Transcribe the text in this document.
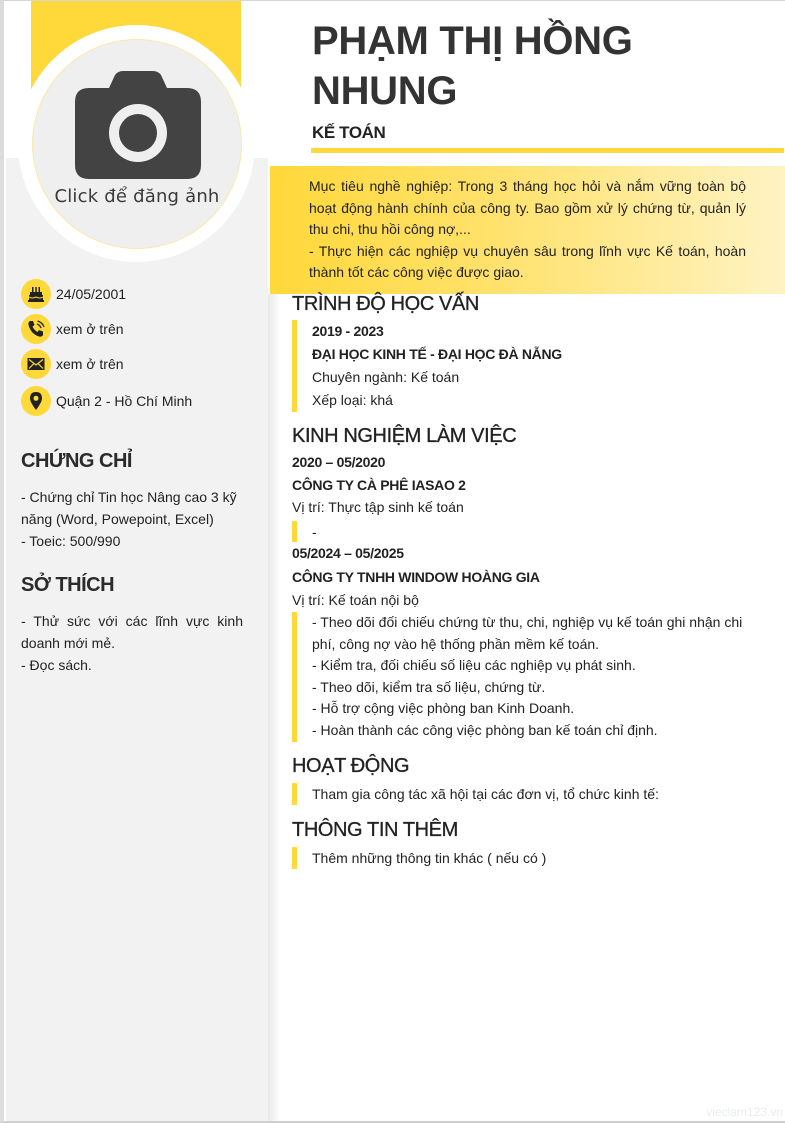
Click để đăng ảnh
24/05/2001
xem ở trên
xem ở trên
Quận 2 - Hồ Chí Minh
CHỨNG CHỈ
- Chứng chỉ Tin học Nâng cao 3 kỹ năng (Word, Powepoint, Excel)
- Toeic: 500/990
SỞ THÍCH
- Thử sức với các lĩnh vực kinh doanh mới mẻ.
- Đọc sách.
PHẠM THỊ HỒNG
NHUNG
KẾ TOÁN
Mục tiêu nghề nghiệp: Trong 3 tháng học hỏi và nắm vững toàn bộ hoạt động hành chính của công ty. Bao gồm xử lý chứng từ, quản lý thu chi, thu hồi công nợ,...
- Thực hiện các nghiệp vụ chuyên sâu trong lĩnh vực Kế toán, hoàn thành tốt các công việc được giao.
TRÌNH ĐỘ HỌC VẤN
2019 - 2023
ĐẠI HỌC KINH TẾ - ĐẠI HỌC ĐÀ NẴNG
Chuyên ngành: Kế toán
Xếp loại: khá
KINH NGHIỆM LÀM VIỆC
2020 – 05/2020
CÔNG TY CÀ PHÊ IASAO 2
Vị trí: Thực tập sinh kế toán
-
05/2024 – 05/2025
CÔNG TY TNHH WINDOW HOÀNG GIA
Vị trí: Kế toán nội bộ
- Theo dõi đối chiếu chứng từ thu, chi, nghiệp vụ kế toán ghi nhận chi phí, công nợ vào hệ thống phần mềm kế toán.
- Kiểm tra, đối chiếu số liệu các nghiệp vụ phát sinh.
- Theo dõi, kiểm tra số liệu, chứng từ.
- Hỗ trợ cộng việc phòng ban Kinh Doanh.
- Hoàn thành các công việc phòng ban kế toán chỉ định.
HOẠT ĐỘNG
Tham gia công tác xã hội tại các đơn vị, tổ chức kinh tế:
THÔNG TIN THÊM
Thêm những thông tin khác ( nếu có )
vieclam123.vn
